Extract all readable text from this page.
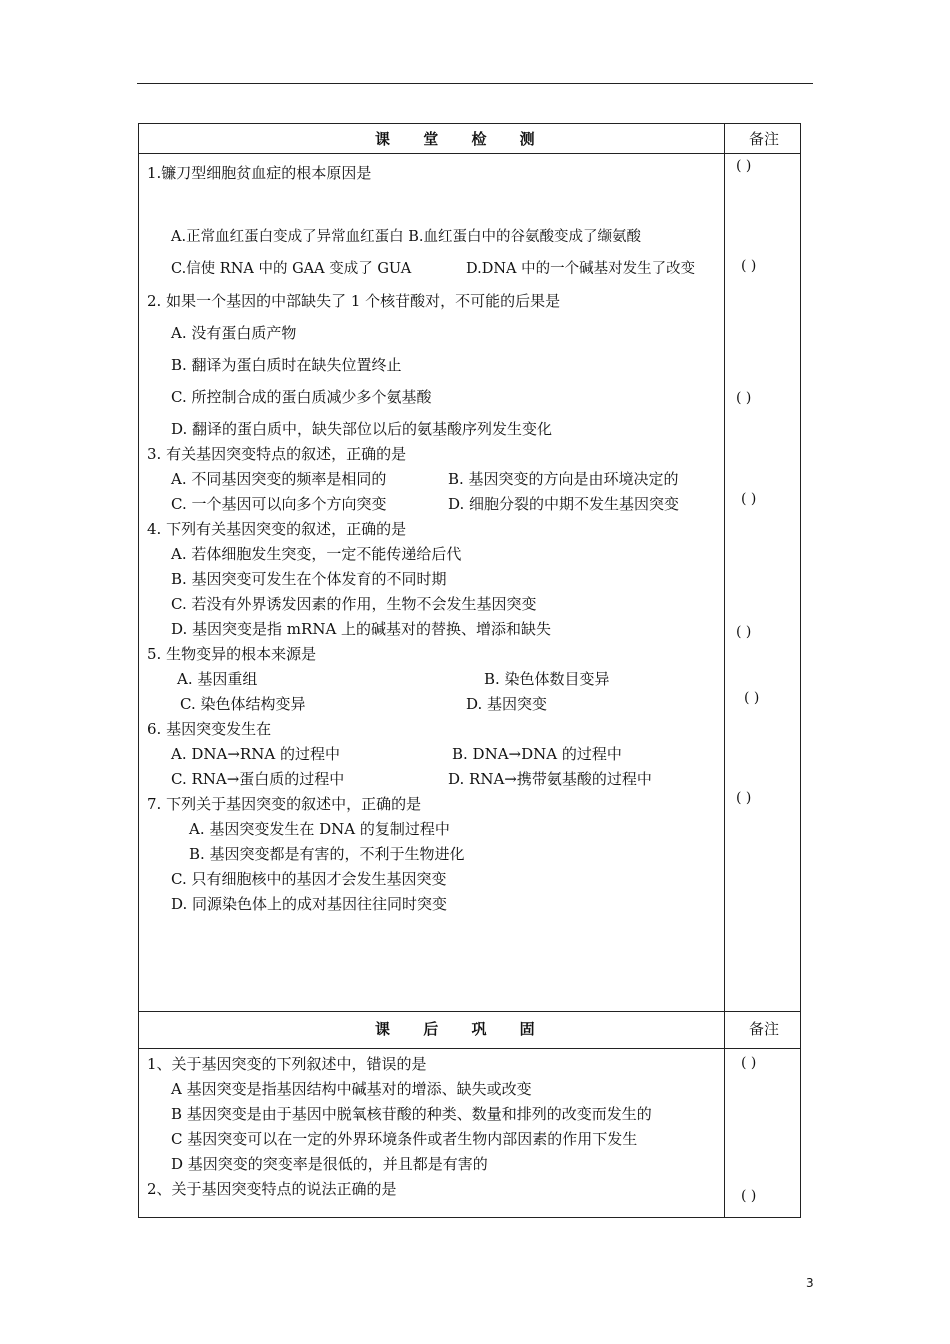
课 堂 检 测	备注
1.镰刀型细胞贫血症的根本原因是
A.正常血红蛋白变成了异常血红蛋白 B.血红蛋白中的谷氨酸变成了缬氨酸
C.信使 RNA 中的 GAA 变成了 GUA	D.DNA 中的一个碱基对发生了改变
2. 如果一个基因的中部缺失了 1 个核苷酸对，不可能的后果是
A. 没有蛋白质产物
B. 翻译为蛋白质时在缺失位置终止
C. 所控制合成的蛋白质减少多个氨基酸
D. 翻译的蛋白质中，缺失部位以后的氨基酸序列发生变化
3. 有关基因突变特点的叙述，正确的是
A. 不同基因突变的频率是相同的	B. 基因突变的方向是由环境决定的
C. 一个基因可以向多个方向突变	D. 细胞分裂的中期不发生基因突变
4. 下列有关基因突变的叙述，正确的是
A. 若体细胞发生突变，一定不能传递给后代
B. 基因突变可发生在个体发育的不同时期
C. 若没有外界诱发因素的作用，生物不会发生基因突变
D. 基因突变是指 mRNA 上的碱基对的替换、增添和缺失
5. 生物变异的根本来源是
A. 基因重组	B. 染色体数目变异
C. 染色体结构变异	D. 基因突变
6. 基因突变发生在
A. DNA→RNA 的过程中	B. DNA→DNA 的过程中
C. RNA→蛋白质的过程中	D. RNA→携带氨基酸的过程中
7. 下列关于基因突变的叙述中，正确的是
A. 基因突变发生在 DNA 的复制过程中
B. 基因突变都是有害的，不利于生物进化
C. 只有细胞核中的基因才会发生基因突变
D. 同源染色体上的成对基因往往同时突变
( )
( )
( )
( )
( )
( )
( )
课 后 巩 固	备注
1、关于基因突变的下列叙述中，错误的是
A 基因突变是指基因结构中碱基对的增添、缺失或改变
B 基因突变是由于基因中脱氧核苷酸的种类、数量和排列的改变而发生的
C 基因突变可以在一定的外界环境条件或者生物内部因素的作用下发生
D 基因突变的突变率是很低的，并且都是有害的
2、关于基因突变特点的说法正确的是
( )
( )
3
